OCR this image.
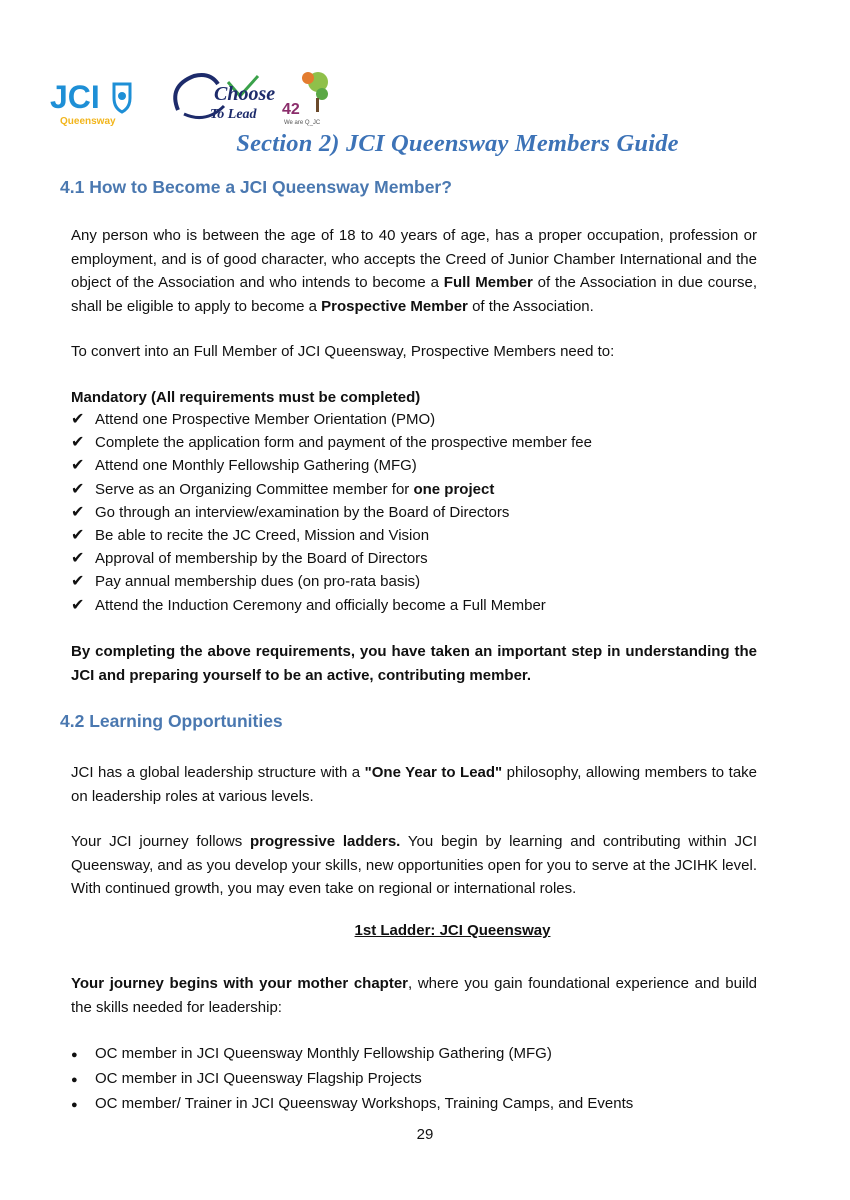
JCI
Queensway
Choose
To Lead 42
We are Q_JC
Section 2) JCI Queensway Members Guide
4.1 How to Become a JCI Queensway Member?

Any person who is between the age of 18 to 40 years of age, has a proper occupation, profession or employment, and is of good character, who accepts the Creed of Junior Chamber International and the object of the Association and who intends to become a Full Member of the Association in due course, shall be eligible to apply to become a Prospective Member of the Association.

To convert into an Full Member of JCI Queensway, Prospective Members need to:

Mandatory (All requirements must be completed)

✔ Attend one Prospective Member Orientation (PMO)
✔ Complete the application form and payment of the prospective member fee
✔ Attend one Monthly Fellowship Gathering (MFG)
✔ Serve as an Organizing Committee member for one project
✔ Go through an interview/examination by the Board of Directors
✔ Be able to recite the JC Creed, Mission and Vision
✔ Approval of membership by the Board of Directors
✔ Pay annual membership dues (on pro-rata basis)
✔ Attend the Induction Ceremony and officially become a Full Member

By completing the above requirements, you have taken an important step in understanding the JCI and preparing yourself to be an active, contributing member.

4.2 Learning Opportunities

JCI has a global leadership structure with a "One Year to Lead" philosophy, allowing members to take on leadership roles at various levels.

Your JCI journey follows progressive ladders. You begin by learning and contributing within JCI Queensway, and as you develop your skills, new opportunities open for you to serve at the JCIHK level. With continued growth, you may even take on regional or international roles.

1st Ladder: JCI Queensway

Your journey begins with your mother chapter, where you gain foundational experience and build the skills needed for leadership:

●	OC member in JCI Queensway Monthly Fellowship Gathering (MFG)
●	OC member in JCI Queensway Flagship Projects
●	OC member/ Trainer in JCI Queensway Workshops, Training Camps, and Events
29
